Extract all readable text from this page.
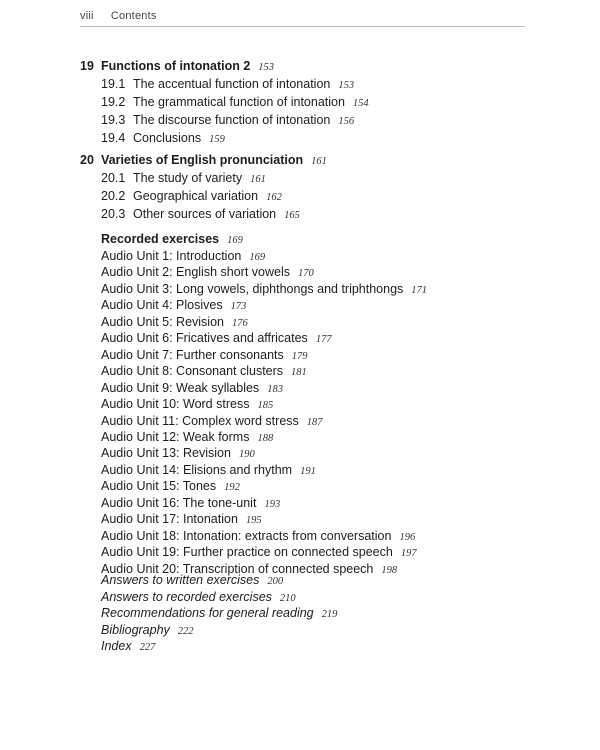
viii Contents
19 Functions of intonation 2 153
19.1 The accentual function of intonation 153
19.2 The grammatical function of intonation 154
19.3 The discourse function of intonation 156
19.4 Conclusions 159
20 Varieties of English pronunciation 161
20.1 The study of variety 161
20.2 Geographical variation 162
20.3 Other sources of variation 165
Recorded exercises 169
Audio Unit 1: Introduction 169
Audio Unit 2: English short vowels 170
Audio Unit 3: Long vowels, diphthongs and triphthongs 171
Audio Unit 4: Plosives 173
Audio Unit 5: Revision 176
Audio Unit 6: Fricatives and affricates 177
Audio Unit 7: Further consonants 179
Audio Unit 8: Consonant clusters 181
Audio Unit 9: Weak syllables 183
Audio Unit 10: Word stress 185
Audio Unit 11: Complex word stress 187
Audio Unit 12: Weak forms 188
Audio Unit 13: Revision 190
Audio Unit 14: Elisions and rhythm 191
Audio Unit 15: Tones 192
Audio Unit 16: The tone-unit 193
Audio Unit 17: Intonation 195
Audio Unit 18: Intonation: extracts from conversation 196
Audio Unit 19: Further practice on connected speech 197
Audio Unit 20: Transcription of connected speech 198
Answers to written exercises 200
Answers to recorded exercises 210
Recommendations for general reading 219
Bibliography 222
Index 227
